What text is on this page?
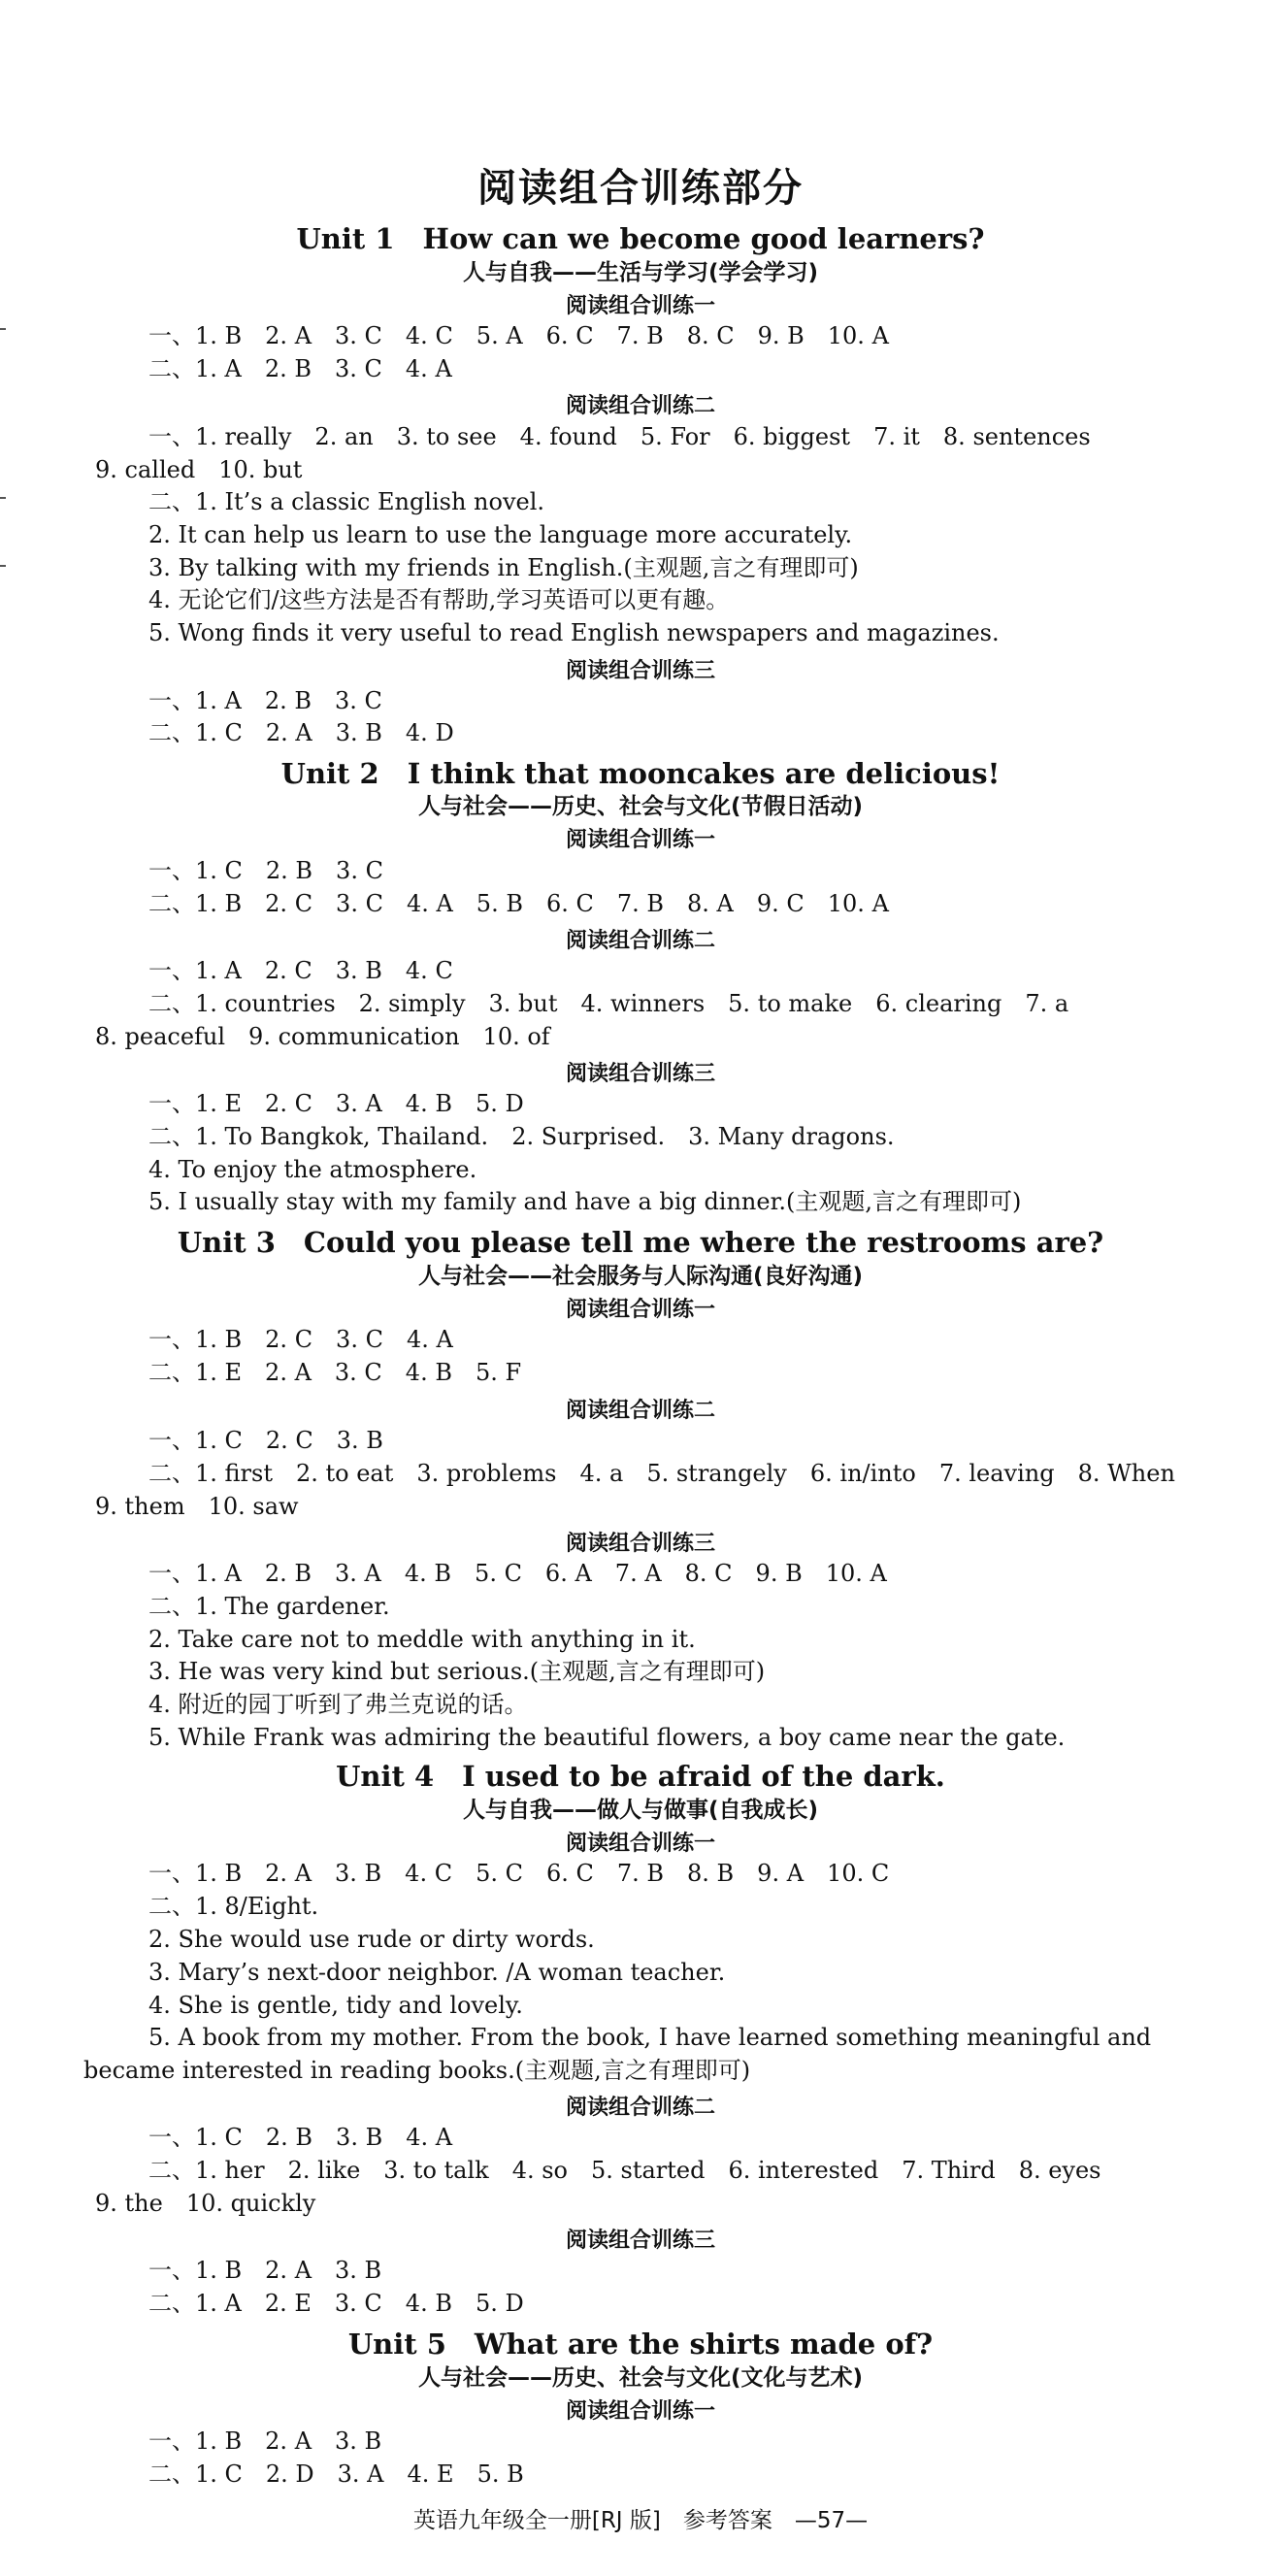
阅读组合训练部分
Unit 1　How can we become good learners?
人与自我——生活与学习(学会学习)
阅读组合训练一
一、1. B　2. A　3. C　4. C　5. A　6. C　7. B　8. C　9. B　10. A
二、1. A　2. B　3. C　4. A
阅读组合训练二
一、1. really　2. an　3. to see　4. found　5. For　6. biggest　7. it　8. sentences
9. called　10. but
二、1. It’s a classic English novel.
2. It can help us learn to use the language more accurately.
3. By talking with my friends in English.(主观题,言之有理即可)
4. 无论它们/这些方法是否有帮助,学习英语可以更有趣。
5. Wong finds it very useful to read English newspapers and magazines.
阅读组合训练三
一、1. A　2. B　3. C
二、1. C　2. A　3. B　4. D
Unit 2　I think that mooncakes are delicious!
人与社会——历史、社会与文化(节假日活动)
阅读组合训练一
一、1. C　2. B　3. C
二、1. B　2. C　3. C　4. A　5. B　6. C　7. B　8. A　9. C　10. A
阅读组合训练二
一、1. A　2. C　3. B　4. C
二、1. countries　2. simply　3. but　4. winners　5. to make　6. clearing　7. a
8. peaceful　9. communication　10. of
阅读组合训练三
一、1. E　2. C　3. A　4. B　5. D
二、1. To Bangkok, Thailand.　2. Surprised.　3. Many dragons.
4. To enjoy the atmosphere.
5. I usually stay with my family and have a big dinner.(主观题,言之有理即可)
Unit 3　Could you please tell me where the restrooms are?
人与社会——社会服务与人际沟通(良好沟通)
阅读组合训练一
一、1. B　2. C　3. C　4. A
二、1. E　2. A　3. C　4. B　5. F
阅读组合训练二
一、1. C　2. C　3. B
二、1. first　2. to eat　3. problems　4. a　5. strangely　6. in/into　7. leaving　8. When
9. them　10. saw
阅读组合训练三
一、1. A　2. B　3. A　4. B　5. C　6. A　7. A　8. C　9. B　10. A
二、1. The gardener.
2. Take care not to meddle with anything in it.
3. He was very kind but serious.(主观题,言之有理即可)
4. 附近的园丁听到了弗兰克说的话。
5. While Frank was admiring the beautiful flowers, a boy came near the gate.
Unit 4　I used to be afraid of the dark.
人与自我——做人与做事(自我成长)
阅读组合训练一
一、1. B　2. A　3. B　4. C　5. C　6. C　7. B　8. B　9. A　10. C
二、1. 8/Eight.
2. She would use rude or dirty words.
3. Mary’s next-door neighbor. /A woman teacher.
4. She is gentle, tidy and lovely.
5. A book from my mother. From the book, I have learned something meaningful and
became interested in reading books.(主观题,言之有理即可)
阅读组合训练二
一、1. C　2. B　3. B　4. A
二、1. her　2. like　3. to talk　4. so　5. started　6. interested　7. Third　8. eyes
9. the　10. quickly
阅读组合训练三
一、1. B　2. A　3. B
二、1. A　2. E　3. C　4. B　5. D
Unit 5　What are the shirts made of?
人与社会——历史、社会与文化(文化与艺术)
阅读组合训练一
一、1. B　2. A　3. B
二、1. C　2. D　3. A　4. E　5. B
英语九年级全一册[RJ 版]　参考答案　—57—
